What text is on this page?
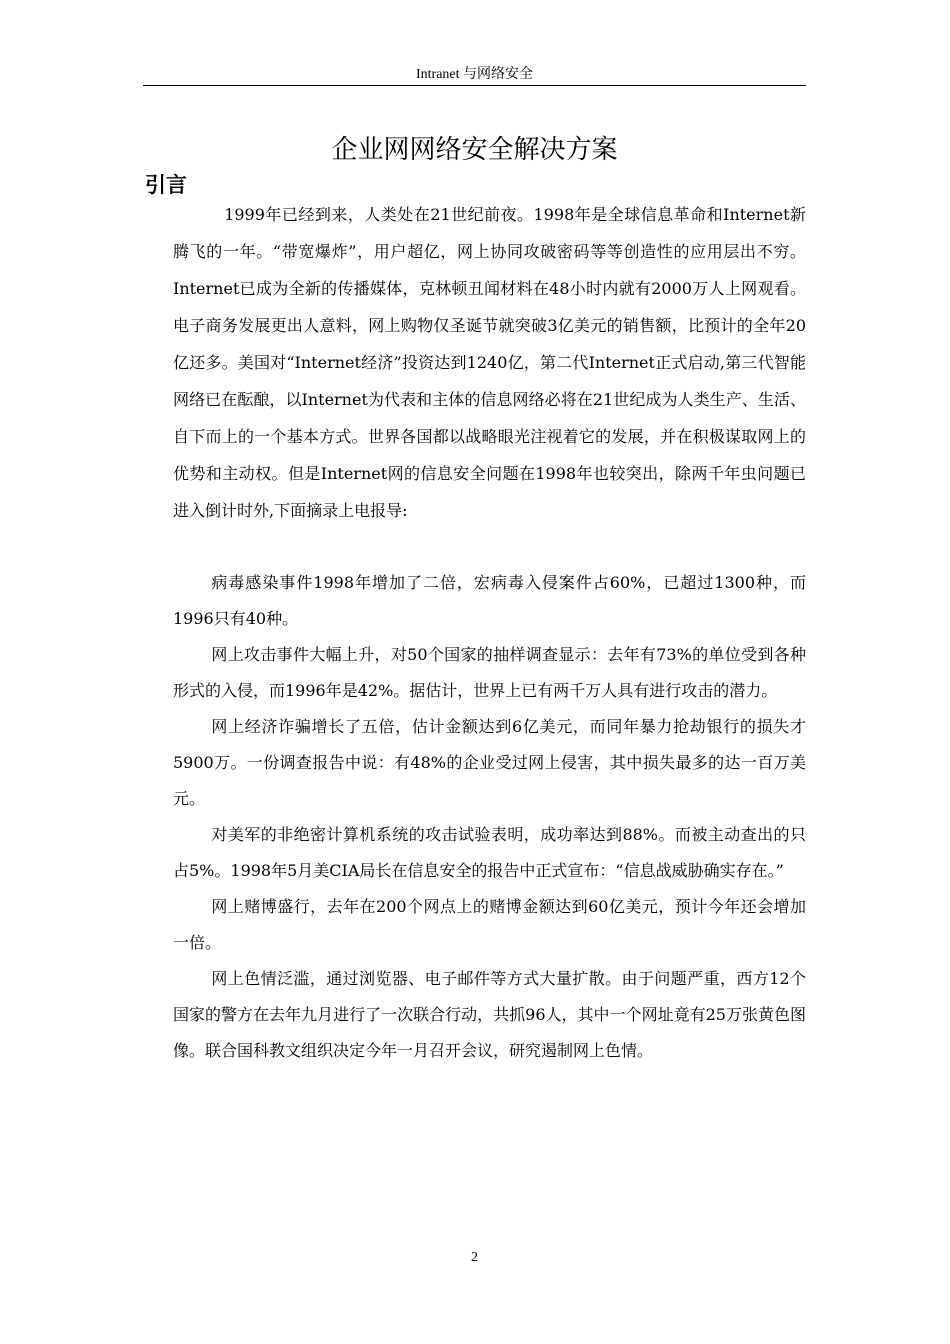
Intranet 与网络安全
企业网网络安全解决方案
引言

1999年已经到来，人类处在21世纪前夜。1998年是全球信息革命和Internet新腾飞的一年。“带宽爆炸”，用户超亿，网上协同攻破密码等等创造性的应用层出不穷。Internet已成为全新的传播媒体，克林顿丑闻材料在48小时内就有2000万人上网观看。电子商务发展更出人意料，网上购物仅圣诞节就突破3亿美元的销售额，比预计的全年20亿还多。美国对“Internet经济”投资达到1240亿，第二代Internet正式启动,第三代智能网络已在酝酿，以Internet为代表和主体的信息网络必将在21世纪成为人类生产、生活、自下而上的一个基本方式。世界各国都以战略眼光注视着它的发展，并在积极谋取网上的优势和主动权。但是Internet网的信息安全问题在1998年也较突出，除两千年虫问题已进入倒计时外,下面摘录上电报导:

病毒感染事件1998年增加了二倍，宏病毒入侵案件占60%，已超过1300种，而1996只有40种。

网上攻击事件大幅上升，对50个国家的抽样调查显示：去年有73%的单位受到各种形式的入侵，而1996年是42%。据估计，世界上已有两千万人具有进行攻击的潜力。

网上经济诈骗增长了五倍，估计金额达到6亿美元，而同年暴力抢劫银行的损失才5900万。一份调查报告中说：有48%的企业受过网上侵害，其中损失最多的达一百万美元。

对美军的非绝密计算机系统的攻击试验表明，成功率达到88%。而被主动查出的只占5%。1998年5月美CIA局长在信息安全的报告中正式宣布：“信息战威胁确实存在。”

网上赌博盛行，去年在200个网点上的赌博金额达到60亿美元，预计今年还会增加一倍。

网上色情泛滥，通过浏览器、电子邮件等方式大量扩散。由于问题严重，西方12个国家的警方在去年九月进行了一次联合行动，共抓96人，其中一个网址竟有25万张黄色图像。联合国科教文组织决定今年一月召开会议，研究遏制网上色情。

2
